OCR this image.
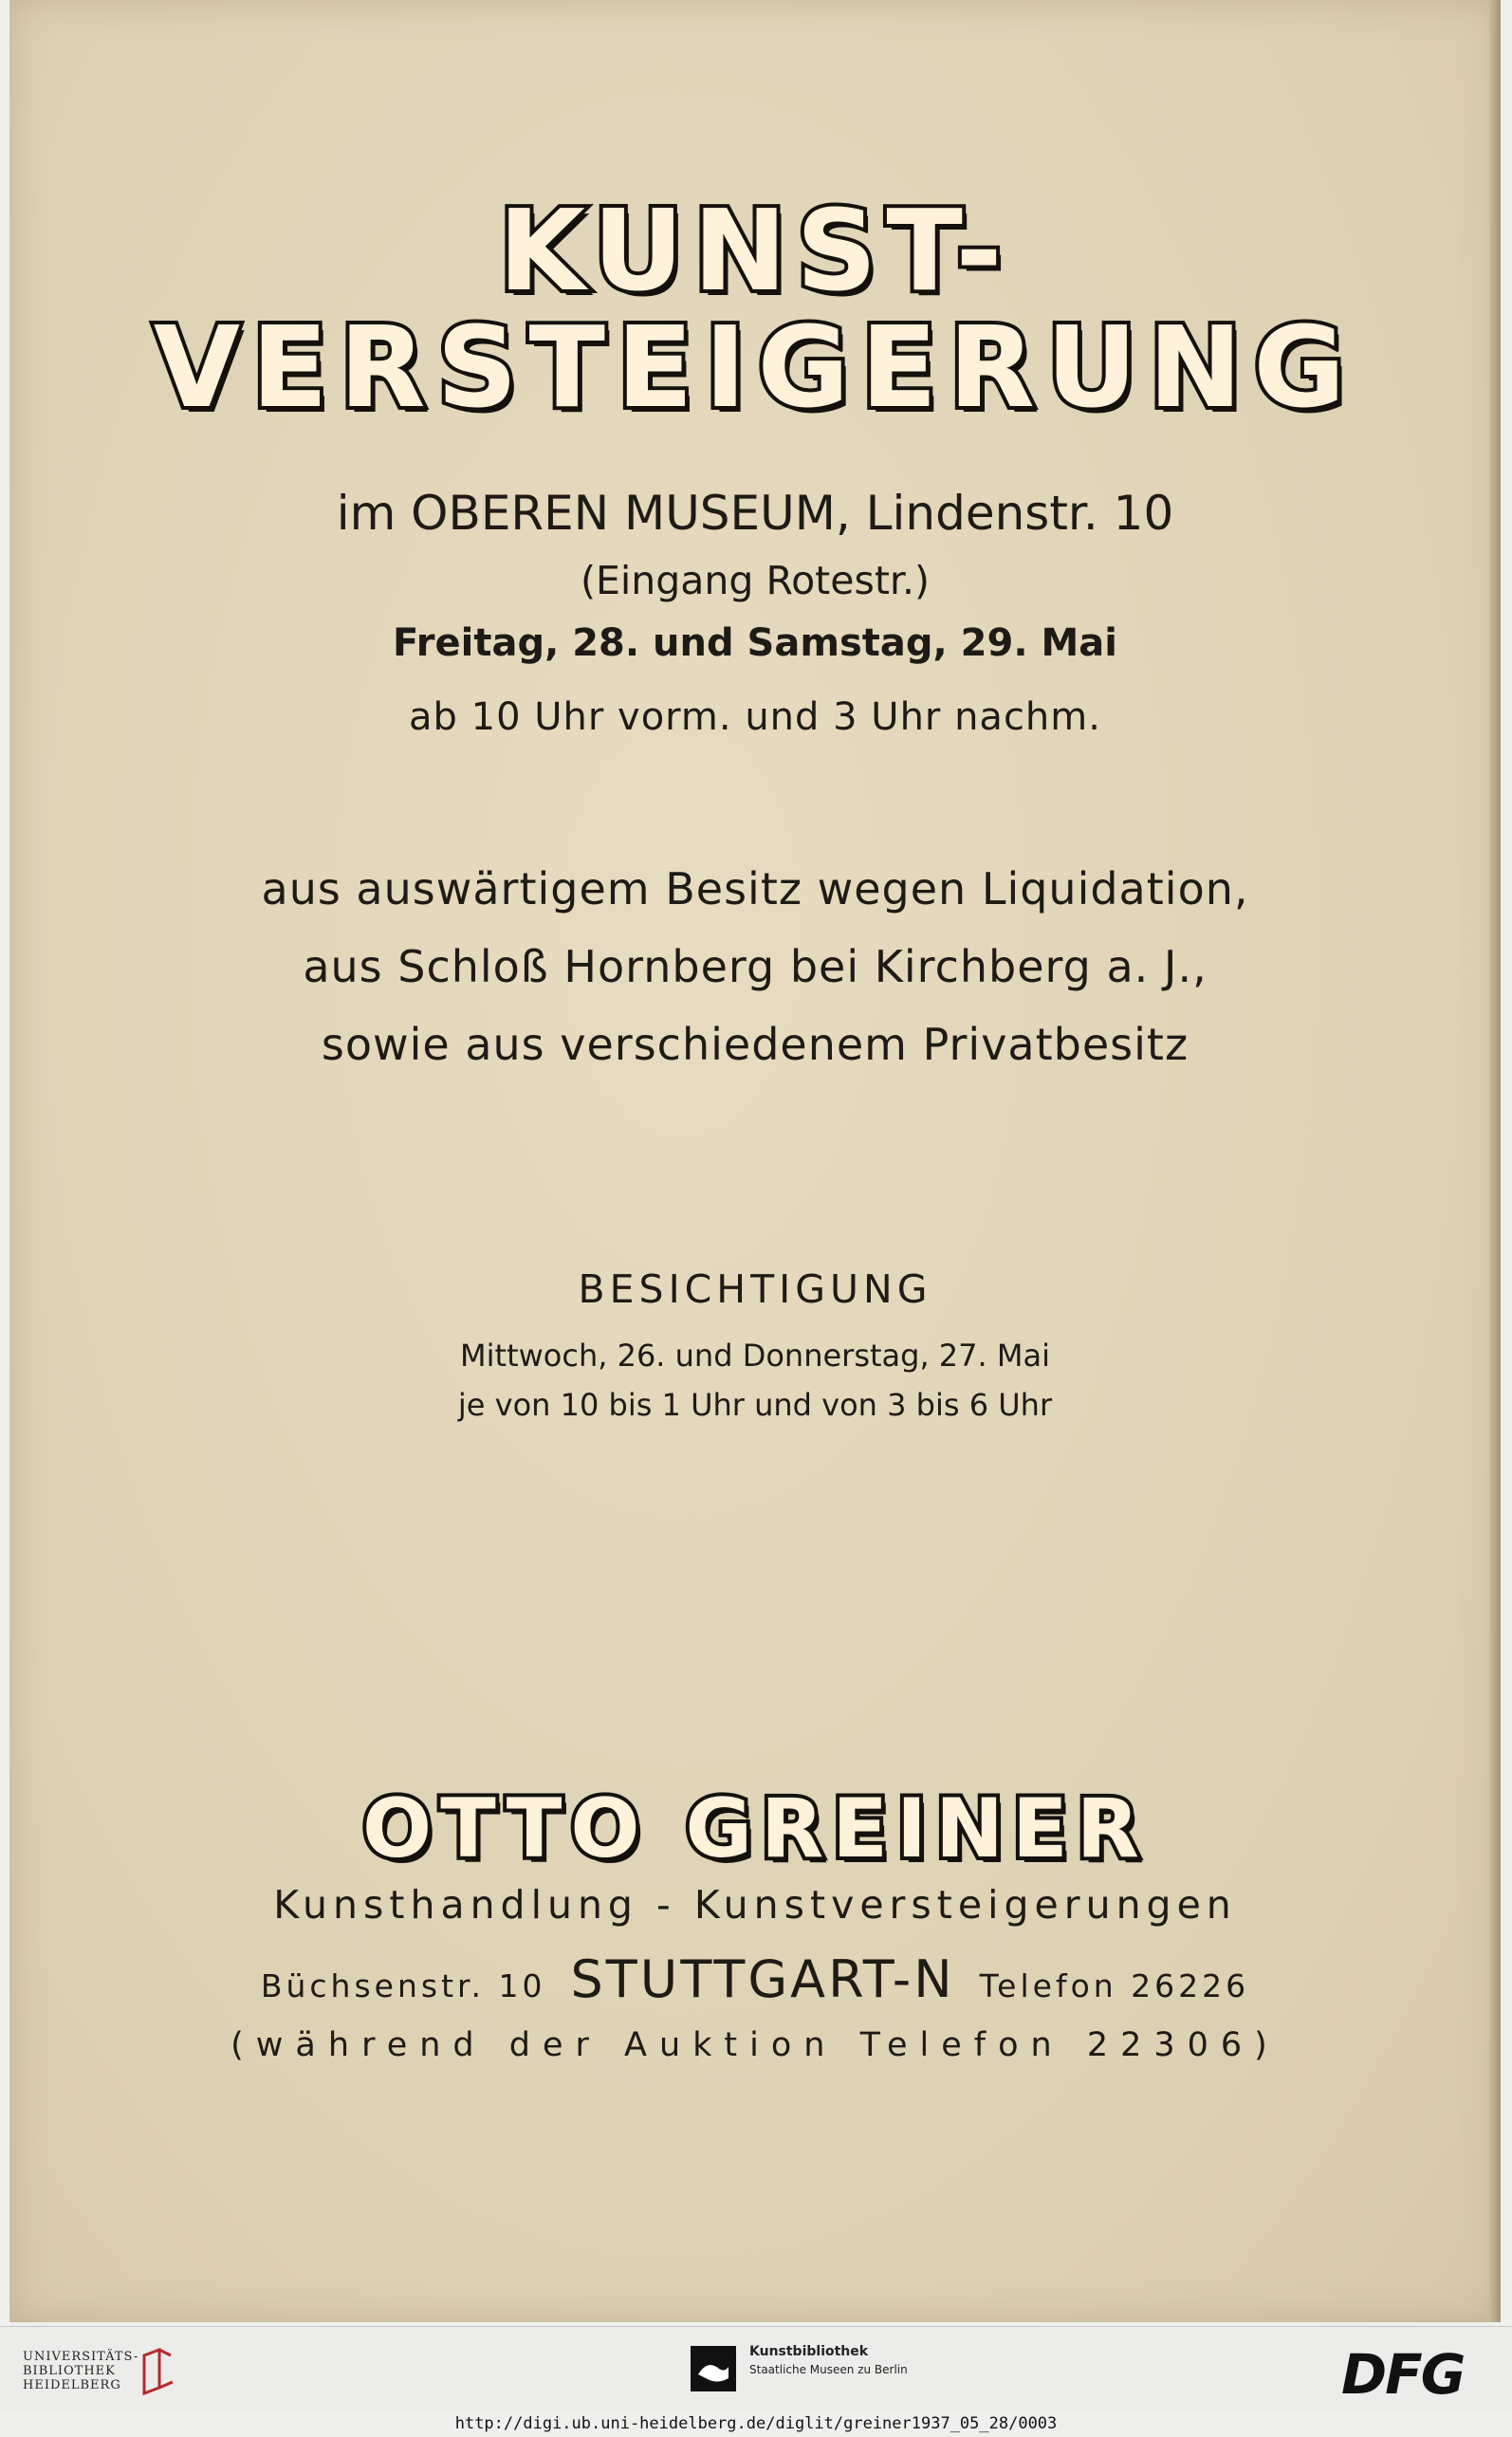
KUNST-
VERSTEIGERUNG
im OBEREN MUSEUM, Lindenstr. 10
(Eingang Rotestr.)
Freitag, 28. und Samstag, 29. Mai
ab 10 Uhr vorm. und 3 Uhr nachm.
aus auswärtigem Besitz wegen Liquidation,
aus Schloß Hornberg bei Kirchberg a. J.,
sowie aus verschiedenem Privatbesitz
BESICHTIGUNG
Mittwoch, 26. und Donnerstag, 27. Mai
je von 10 bis 1 Uhr und von 3 bis 6 Uhr
OTTO GREINER
Kunsthandlung - Kunstversteigerungen
Büchsenstr. 10 STUTTGART-N Telefon 26226
(während der Auktion Telefon 22306)
UNIVERSITÄTS-
BIBLIOTHEK
HEIDELBERG
Kunstbibliothek
Staatliche Museen zu Berlin	DFG
http://digi.ub.uni-heidelberg.de/diglit/greiner1937_05_28/0003
